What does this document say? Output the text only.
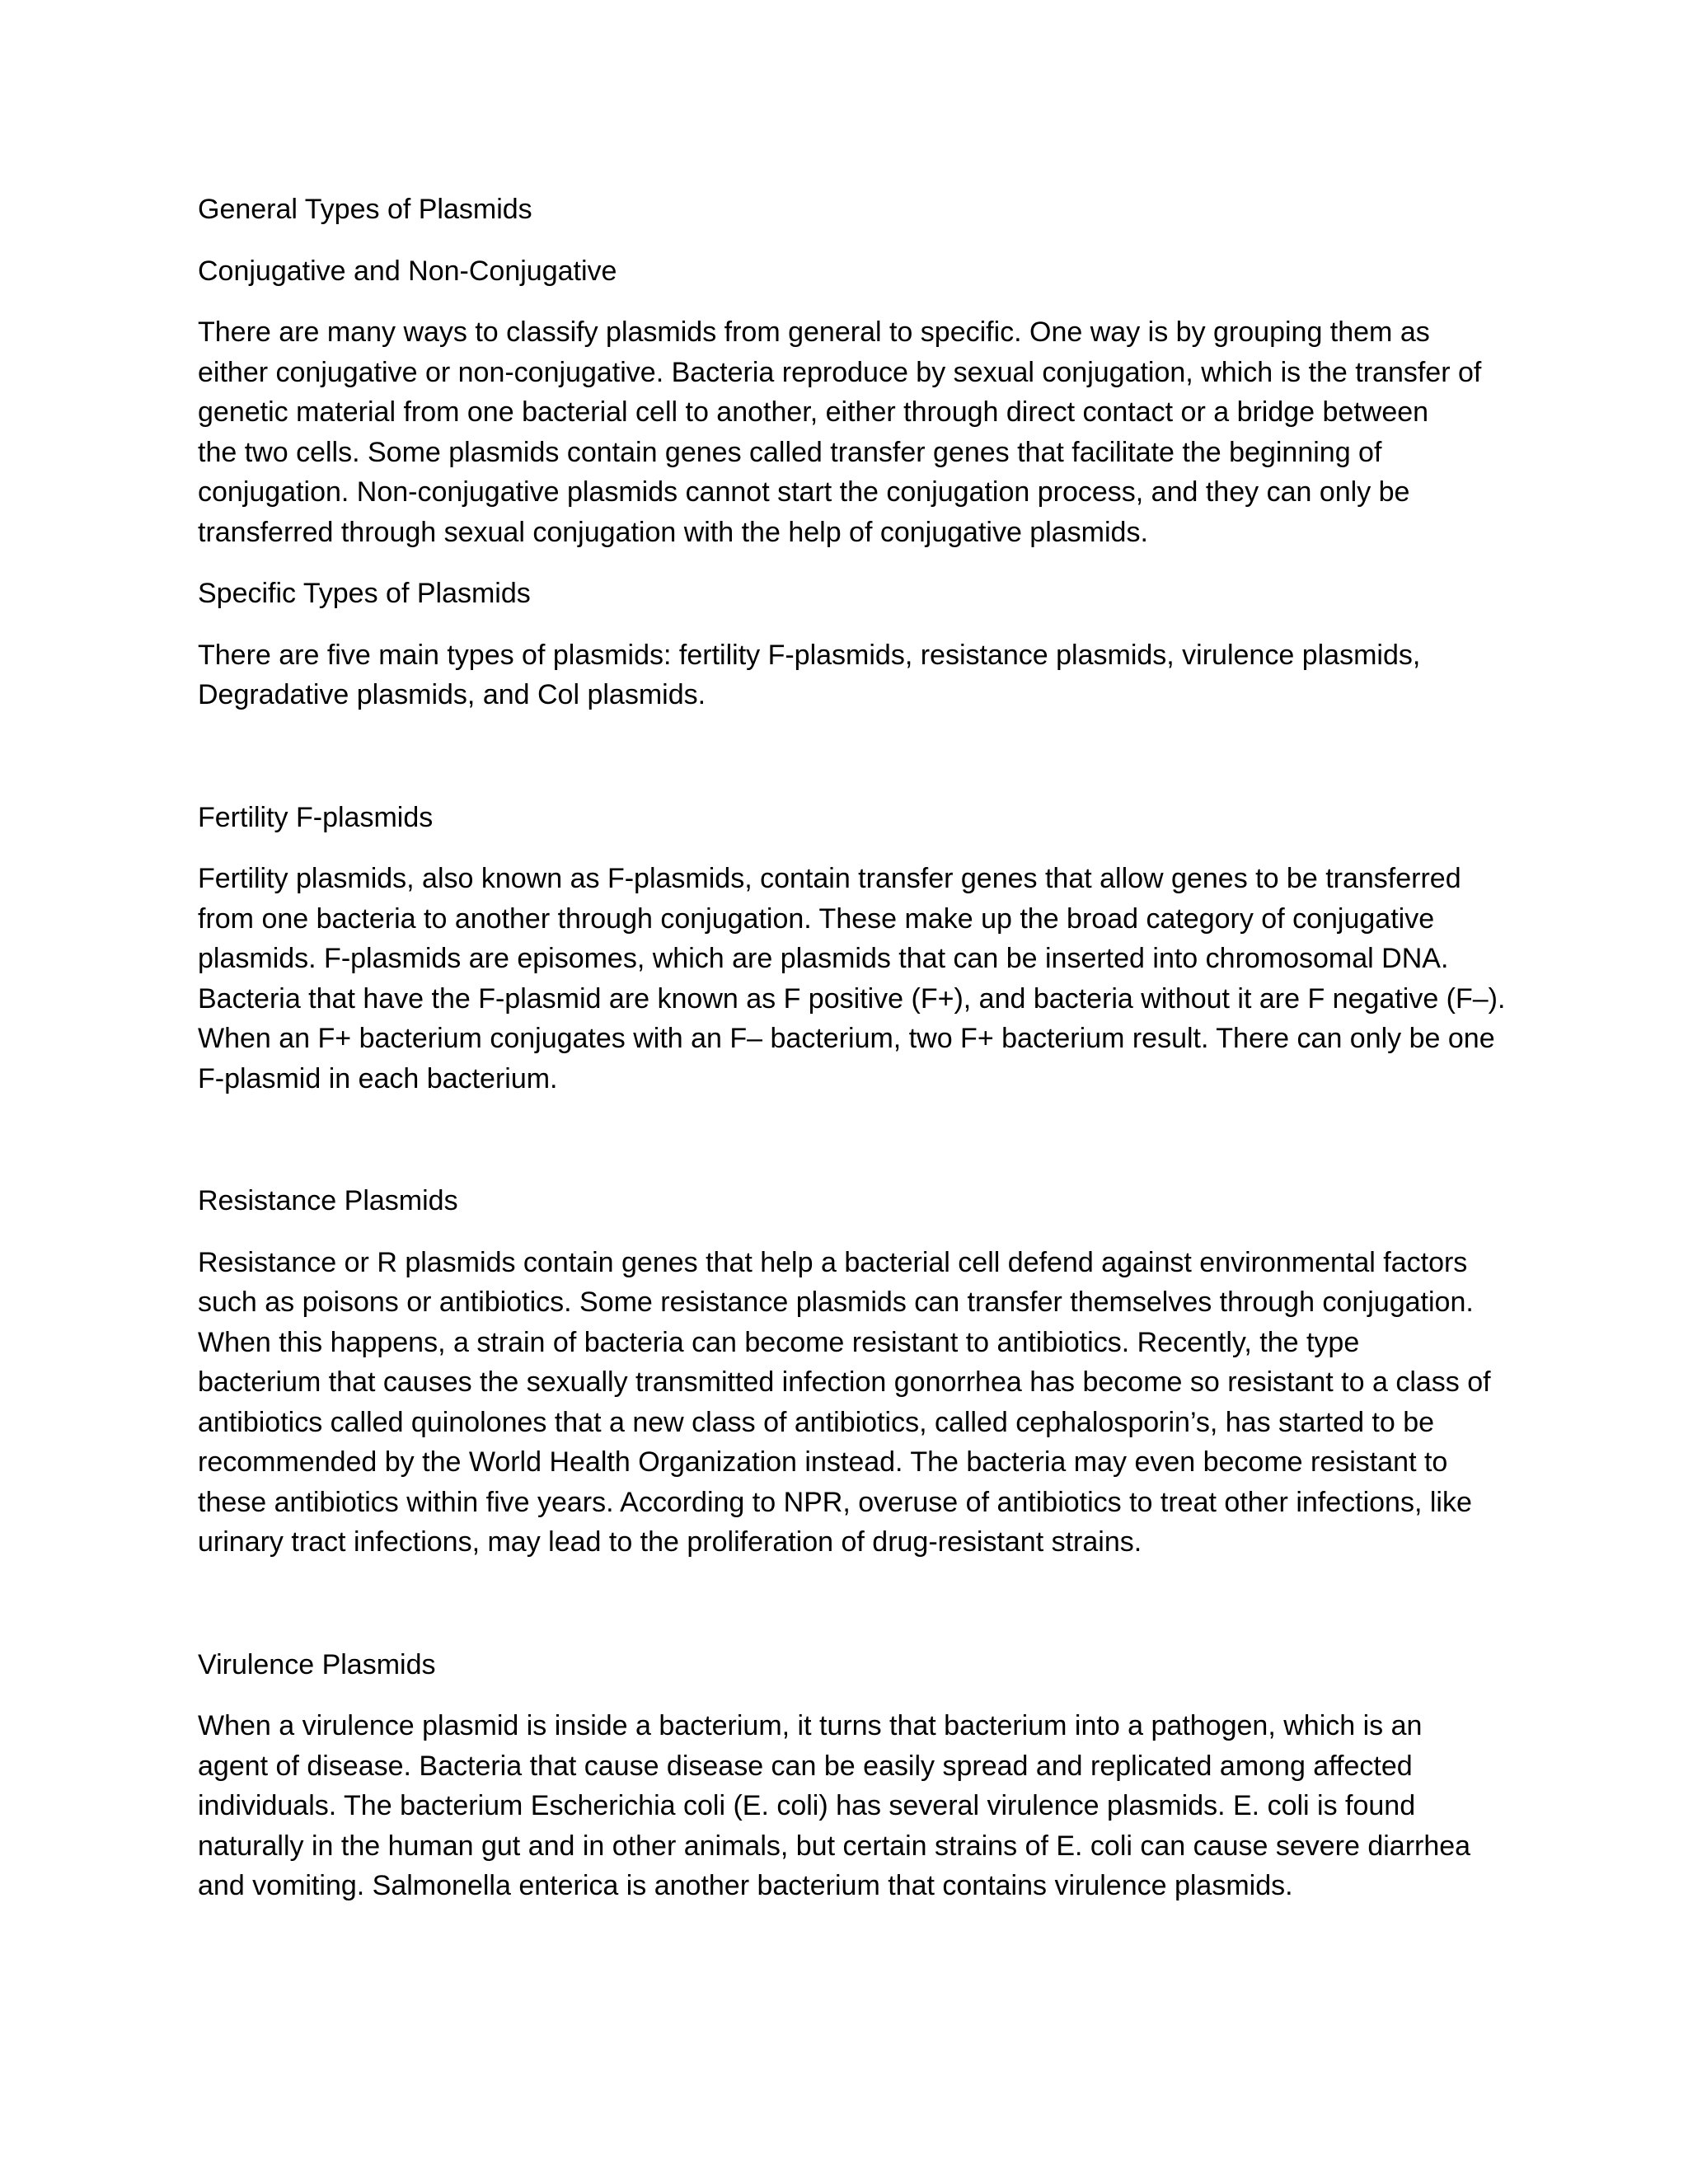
General Types of Plasmids

Conjugative and Non-Conjugative

There are many ways to classify plasmids from general to specific. One way is by grouping them as

either conjugative or non-conjugative. Bacteria reproduce by sexual conjugation, which is the transfer of

genetic material from one bacterial cell to another, either through direct contact or a bridge between

the two cells. Some plasmids contain genes called transfer genes that facilitate the beginning of

conjugation. Non-conjugative plasmids cannot start the conjugation process, and they can only be

transferred through sexual conjugation with the help of conjugative plasmids.

Specific Types of Plasmids

There are five main types of plasmids: fertility F-plasmids, resistance plasmids, virulence plasmids,

Degradative plasmids, and Col plasmids.

Fertility F-plasmids

Fertility plasmids, also known as F-plasmids, contain transfer genes that allow genes to be transferred

from one bacteria to another through conjugation. These make up the broad category of conjugative

plasmids. F-plasmids are episomes, which are plasmids that can be inserted into chromosomal DNA.

Bacteria that have the F-plasmid are known as F positive (F+), and bacteria without it are F negative (F–).

When an F+ bacterium conjugates with an F– bacterium, two F+ bacterium result. There can only be one

F-plasmid in each bacterium.

Resistance Plasmids

Resistance or R plasmids contain genes that help a bacterial cell defend against environmental factors

such as poisons or antibiotics. Some resistance plasmids can transfer themselves through conjugation.

When this happens, a strain of bacteria can become resistant to antibiotics. Recently, the type

bacterium that causes the sexually transmitted infection gonorrhea has become so resistant to a class of

antibiotics called quinolones that a new class of antibiotics, called cephalosporin’s, has started to be

recommended by the World Health Organization instead. The bacteria may even become resistant to

these antibiotics within five years. According to NPR, overuse of antibiotics to treat other infections, like

urinary tract infections, may lead to the proliferation of drug-resistant strains.

Virulence Plasmids

When a virulence plasmid is inside a bacterium, it turns that bacterium into a pathogen, which is an

agent of disease. Bacteria that cause disease can be easily spread and replicated among affected

individuals. The bacterium Escherichia coli (E. coli) has several virulence plasmids. E. coli is found

naturally in the human gut and in other animals, but certain strains of E. coli can cause severe diarrhea

and vomiting. Salmonella enterica is another bacterium that contains virulence plasmids.
